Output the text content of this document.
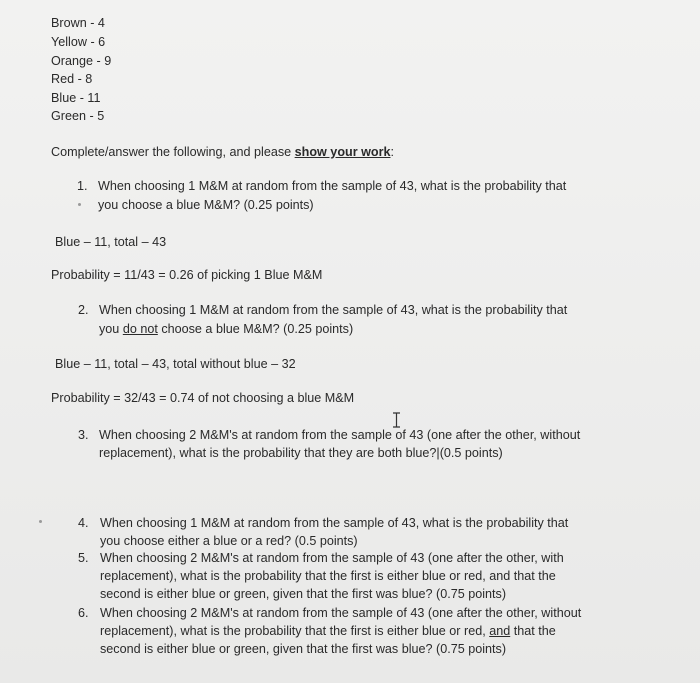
Brown - 4
Yellow - 6
Orange - 9
Red - 8
Blue - 11
Green - 5
Complete/answer the following, and please show your work:
1. When choosing 1 M&M at random from the sample of 43, what is the probability that
you choose a blue M&M? (0.25 points)
Blue – 11, total – 43
Probability = 11/43 = 0.26 of picking 1 Blue M&M
2. When choosing 1 M&M at random from the sample of 43, what is the probability that
you do not choose a blue M&M? (0.25 points)
Blue – 11, total – 43, total without blue – 32
Probability = 32/43 = 0.74 of not choosing a blue M&M
3. When choosing 2 M&M's at random from the sample of 43 (one after the other, without
replacement), what is the probability that they are both blue?|(0.5 points)
4. When choosing 1 M&M at random from the sample of 43, what is the probability that
you choose either a blue or a red? (0.5 points)
5. When choosing 2 M&M's at random from the sample of 43 (one after the other, with
replacement), what is the probability that the first is either blue or red, and that the
second is either blue or green, given that the first was blue? (0.75 points)
6. When choosing 2 M&M's at random from the sample of 43 (one after the other, without
replacement), what is the probability that the first is either blue or red, and that the
second is either blue or green, given that the first was blue? (0.75 points)
